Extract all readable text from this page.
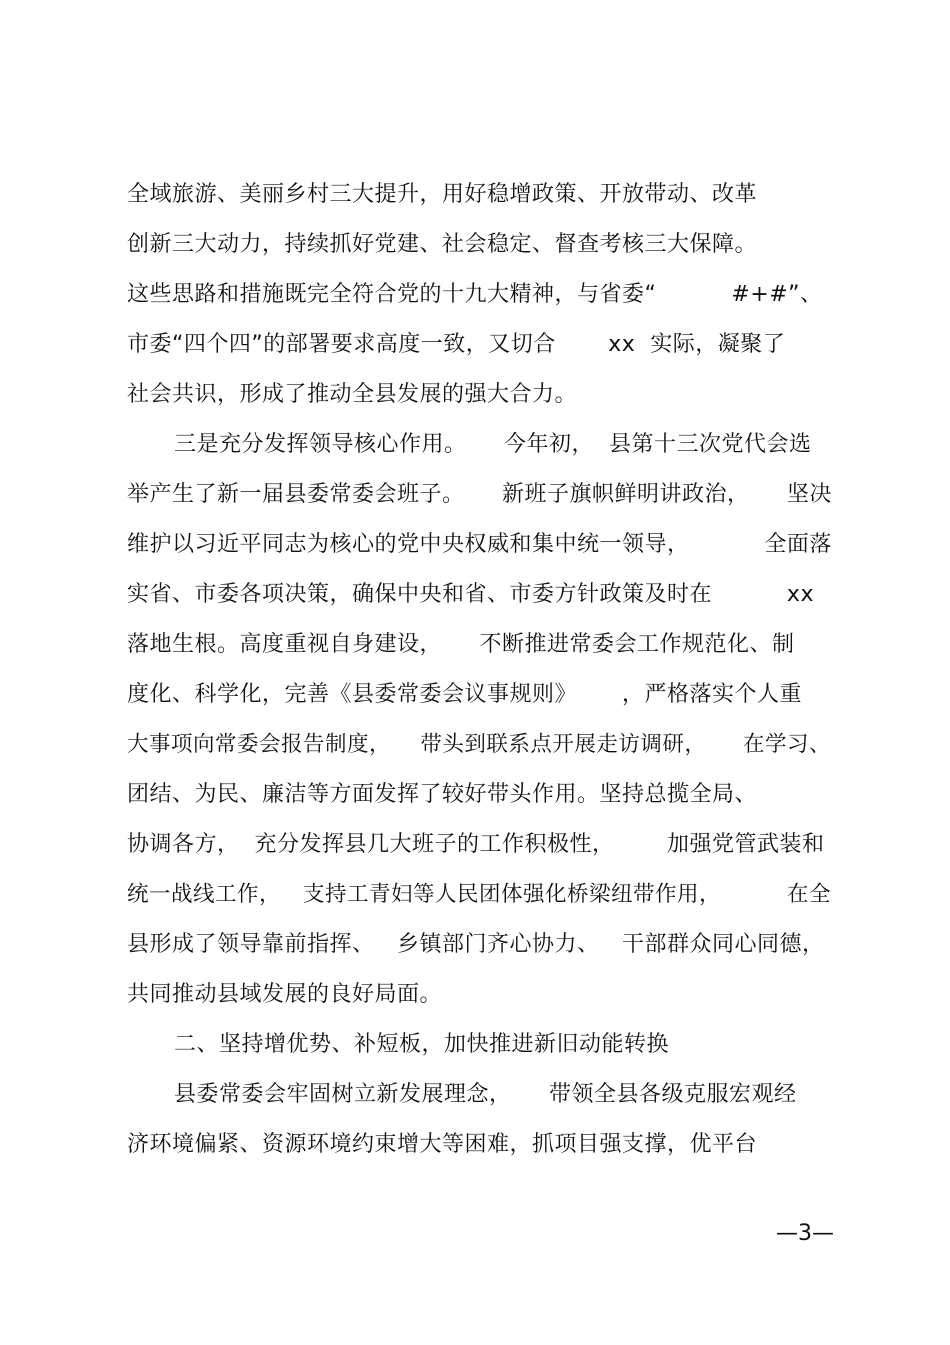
全域旅游、美丽乡村三大提升，用好稳增政策、开放带动、改革
创新三大动力，持续抓好党建、社会稳定、督查考核三大保障。
这些思路和措施既完全符合党的十九大精神，与省委“          #+#”、
市委“四个四”的部署要求高度一致，又切合       xx  实际，凝聚了
社会共识，形成了推动全县发展的强大合力。
三是充分发挥领导核心作用。     今年初，  县第十三次党代会选
举产生了新一届县委常委会班子。     新班子旗帜鲜明讲政治，     坚决
维护以习近平同志为核心的党中央权威和集中统一领导，          全面落
实省、市委各项决策，确保中央和省、市委方针政策及时在          xx
落地生根。高度重视自身建设，     不断推进常委会工作规范化、制
度化、科学化，完善《县委常委会议事规则》      ，严格落实个人重
大事项向常委会报告制度，    带头到联系点开展走访调研，     在学习、
团结、为民、廉洁等方面发挥了较好带头作用。坚持总揽全局、
协调各方，  充分发挥县几大班子的工作积极性，       加强党管武装和
统一战线工作，   支持工青妇等人民团体强化桥梁纽带作用，         在全
县形成了领导靠前指挥、   乡镇部门齐心协力、   干部群众同心同德，
共同推动县域发展的良好局面。
二、坚持增优势、补短板，加快推进新旧动能转换
县委常委会牢固树立新发展理念，     带领全县各级克服宏观经
济环境偏紧、资源环境约束增大等困难，抓项目强支撑，优平台
—3—
